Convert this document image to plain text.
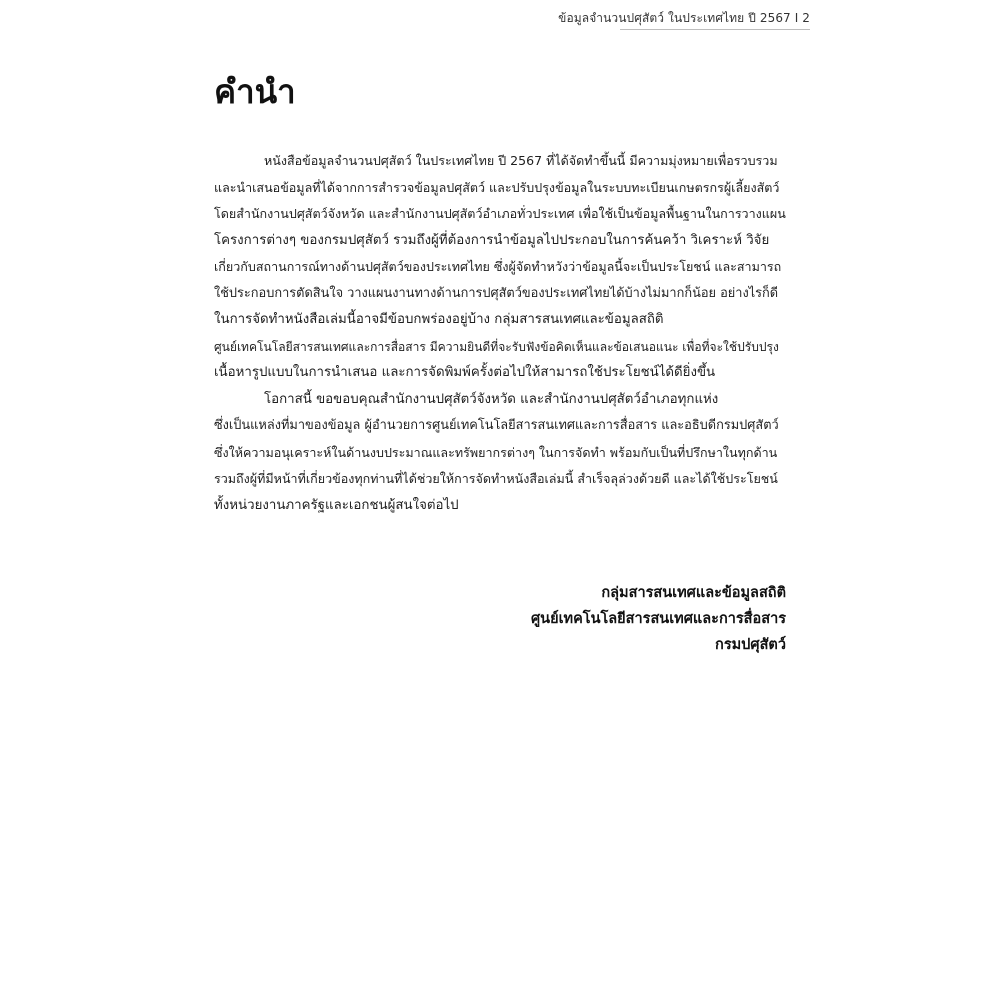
ข้อมูลจำนวนปศุสัตว์ ในประเทศไทย ปี 2567 I 2
คำนำ
หนังสือข้อมูลจำนวนปศุสัตว์ ในประเทศไทย ปี 2567 ที่ได้จัดทำขึ้นนี้ มีความมุ่งหมายเพื่อรวบรวม
และนำเสนอข้อมูลที่ได้จากการสำรวจข้อมูลปศุสัตว์ และปรับปรุงข้อมูลในระบบทะเบียนเกษตรกรผู้เลี้ยงสัตว์
โดยสำนักงานปศุสัตว์จังหวัด และสำนักงานปศุสัตว์อำเภอทั่วประเทศ เพื่อใช้เป็นข้อมูลพื้นฐานในการวางแผน
โครงการต่างๆ ของกรมปศุสัตว์ รวมถึงผู้ที่ต้องการนำข้อมูลไปประกอบในการค้นคว้า วิเคราะห์ วิจัย
เกี่ยวกับสถานการณ์ทางด้านปศุสัตว์ของประเทศไทย ซึ่งผู้จัดทำหวังว่าข้อมูลนี้จะเป็นประโยชน์ และสามารถ
ใช้ประกอบการตัดสินใจ วางแผนงานทางด้านการปศุสัตว์ของประเทศไทยได้บ้างไม่มากก็น้อย อย่างไรก็ดี
ในการจัดทำหนังสือเล่มนี้อาจมีข้อบกพร่องอยู่บ้าง กลุ่มสารสนเทศและข้อมูลสถิติ
ศูนย์เทคโนโลยีสารสนเทศและการสื่อสาร มีความยินดีที่จะรับฟังข้อคิดเห็นและข้อเสนอแนะ เพื่อที่จะใช้ปรับปรุง
เนื้อหารูปแบบในการนำเสนอ และการจัดพิมพ์ครั้งต่อไปให้สามารถใช้ประโยชน์ได้ดียิ่งขึ้น
โอกาสนี้ ขอขอบคุณสำนักงานปศุสัตว์จังหวัด และสำนักงานปศุสัตว์อำเภอทุกแห่ง
ซึ่งเป็นแหล่งที่มาของข้อมูล ผู้อำนวยการศูนย์เทคโนโลยีสารสนเทศและการสื่อสาร และอธิบดีกรมปศุสัตว์
ซึ่งให้ความอนุเคราะห์ในด้านงบประมาณและทรัพยากรต่างๆ ในการจัดทำ พร้อมกับเป็นที่ปรึกษาในทุกด้าน
รวมถึงผู้ที่มีหน้าที่เกี่ยวข้องทุกท่านที่ได้ช่วยให้การจัดทำหนังสือเล่มนี้ สำเร็จลุล่วงด้วยดี และได้ใช้ประโยชน์
ทั้งหน่วยงานภาครัฐและเอกชนผู้สนใจต่อไป
กลุ่มสารสนเทศและข้อมูลสถิติ
ศูนย์เทคโนโลยีสารสนเทศและการสื่อสาร
กรมปศุสัตว์
